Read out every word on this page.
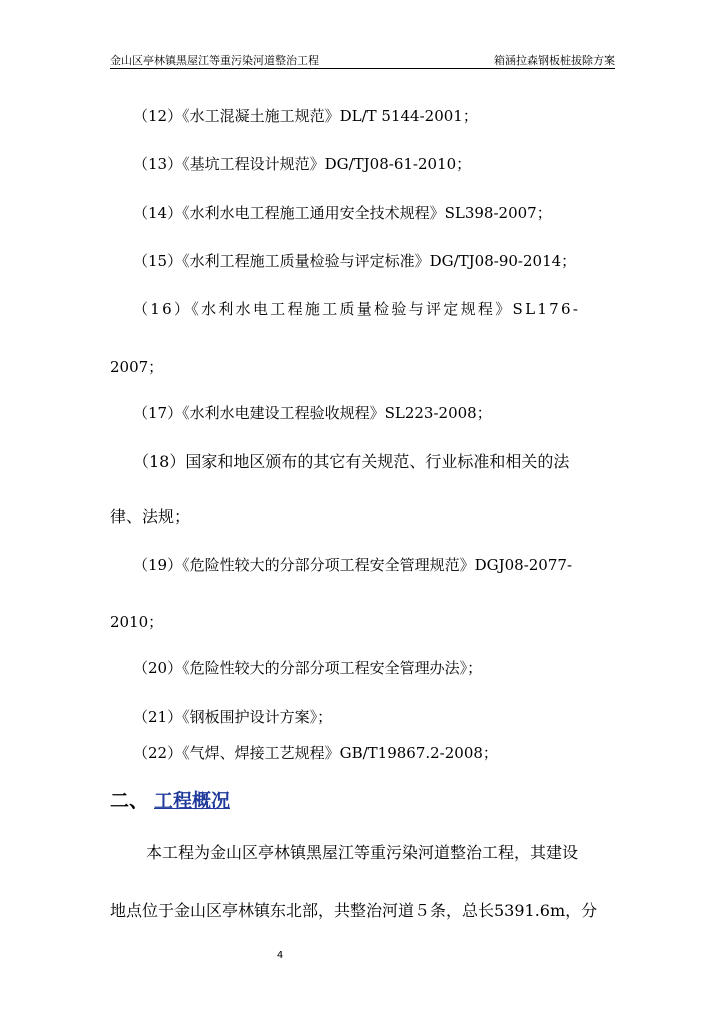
金山区亭林镇黑屋江等重污染河道整治工程	箱涵拉森钢板桩拔除方案
（12）《水工混凝土施工规范》DL/T 5144-2001；
（13）《基坑工程设计规范》DG/TJ08-61-2010；
（14）《水利水电工程施工通用安全技术规程》SL398-2007；
（15）《水利工程施工质量检验与评定标准》DG/TJ08-90-2014；
（16）《水利水电工程施工质量检验与评定规程》SL176-
2007；
（17）《水利水电建设工程验收规程》SL223-2008；
（18）国家和地区颁布的其它有关规范、行业标准和相关的法
律、法规；
（19）《危险性较大的分部分项工程安全管理规范》DGJ08-2077-
2010；
（20）《危险性较大的分部分项工程安全管理办法》；
（21）《钢板围护设计方案》；
（22）《气焊、焊接工艺规程》GB/T19867.2-2008；
二、 工程概况
本工程为金山区亭林镇黑屋江等重污染河道整治工程，其建设
地点位于金山区亭林镇东北部，共整治河道５条，总长5391.6m，分
4
